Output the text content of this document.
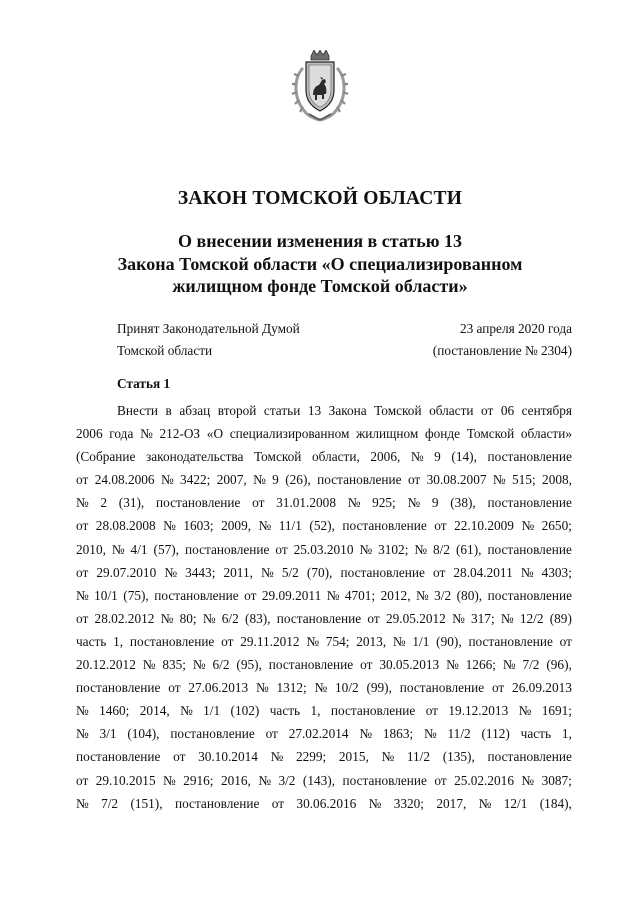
ЗАКОН ТОМСКОЙ ОБЛАСТИ
О внесении изменения в статью 13
Закона Томской области «О специализированном
жилищном фонде Томской области»
Принят Законодательной Думой	23 апреля 2020 года
Томской области	(постановление № 2304)
Статья 1
Внести в абзац второй статьи 13 Закона Томской области от 06 сентября
2006 года № 212-ОЗ «О специализированном жилищном фонде Томской области»
(Собрание законодательства Томской области, 2006, № 9 (14), постановление
от 24.08.2006 № 3422; 2007, № 9 (26), постановление от 30.08.2007 № 515; 2008,
№ 2 (31), постановление от 31.01.2008 № 925; № 9 (38), постановление
от 28.08.2008 № 1603; 2009, № 11/1 (52), постановление от 22.10.2009 № 2650;
2010, № 4/1 (57), постановление от 25.03.2010 № 3102; № 8/2 (61), постановление
от 29.07.2010 № 3443; 2011, № 5/2 (70), постановление от 28.04.2011 № 4303;
№ 10/1 (75), постановление от 29.09.2011 № 4701; 2012, № 3/2 (80), постановление
от 28.02.2012 № 80; № 6/2 (83), постановление от 29.05.2012 № 317; № 12/2 (89)
часть 1, постановление от 29.11.2012 № 754; 2013, № 1/1 (90), постановление от
20.12.2012 № 835; № 6/2 (95), постановление от 30.05.2013 № 1266; № 7/2 (96),
постановление от 27.06.2013 № 1312; № 10/2 (99), постановление от 26.09.2013
№ 1460; 2014, № 1/1 (102) часть 1, постановление от 19.12.2013 № 1691;
№ 3/1 (104), постановление от 27.02.2014 № 1863; № 11/2 (112) часть 1,
постановление от 30.10.2014 № 2299; 2015, № 11/2 (135), постановление
от 29.10.2015 № 2916; 2016, № 3/2 (143), постановление от 25.02.2016 № 3087;
№ 7/2 (151), постановление от 30.06.2016 № 3320; 2017, № 12/1 (184),
